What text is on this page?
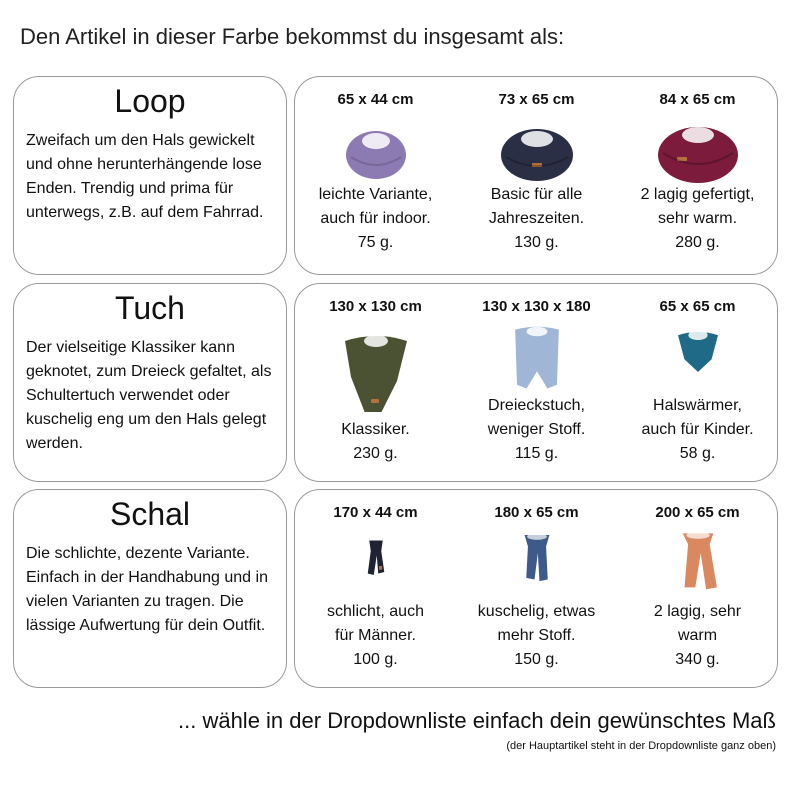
Den Artikel in dieser Farbe bekommst du insgesamt als:
Loop
Zweifach um den Hals gewickelt und ohne herunterhängende lose Enden. Trendig und prima für unterwegs, z.B. auf dem Fahrrad.
65 x 44 cm
leichte Variante,
auch für indoor.
75 g.
73 x 65 cm
Basic für alle
Jahreszeiten.
130 g.
84 x 65 cm
2 lagig gefertigt,
sehr warm.
280 g.
Tuch
Der vielseitige Klassiker kann geknotet, zum Dreieck gefaltet, als Schultertuch verwendet oder kuschelig eng um den Hals gelegt werden.
130 x 130 cm
Klassiker.
230 g.
130 x 130 x 180
Dreieckstuch,
weniger Stoff.
115 g.
65 x 65 cm
Halswärmer,
auch für Kinder.
58 g.
Schal
Die schlichte, dezente Variante. Einfach in der Handhabung und in vielen Varianten zu tragen. Die lässige Aufwertung für dein Outfit.
170 x 44 cm
schlicht, auch
für Männer.
100 g.
180 x 65 cm
kuschelig, etwas
mehr Stoff.
150 g.
200 x 65 cm
2 lagig, sehr
warm
340 g.
... wähle in der Dropdownliste einfach dein gewünschtes Maß
(der Hauptartikel steht in der Dropdownliste ganz oben)
